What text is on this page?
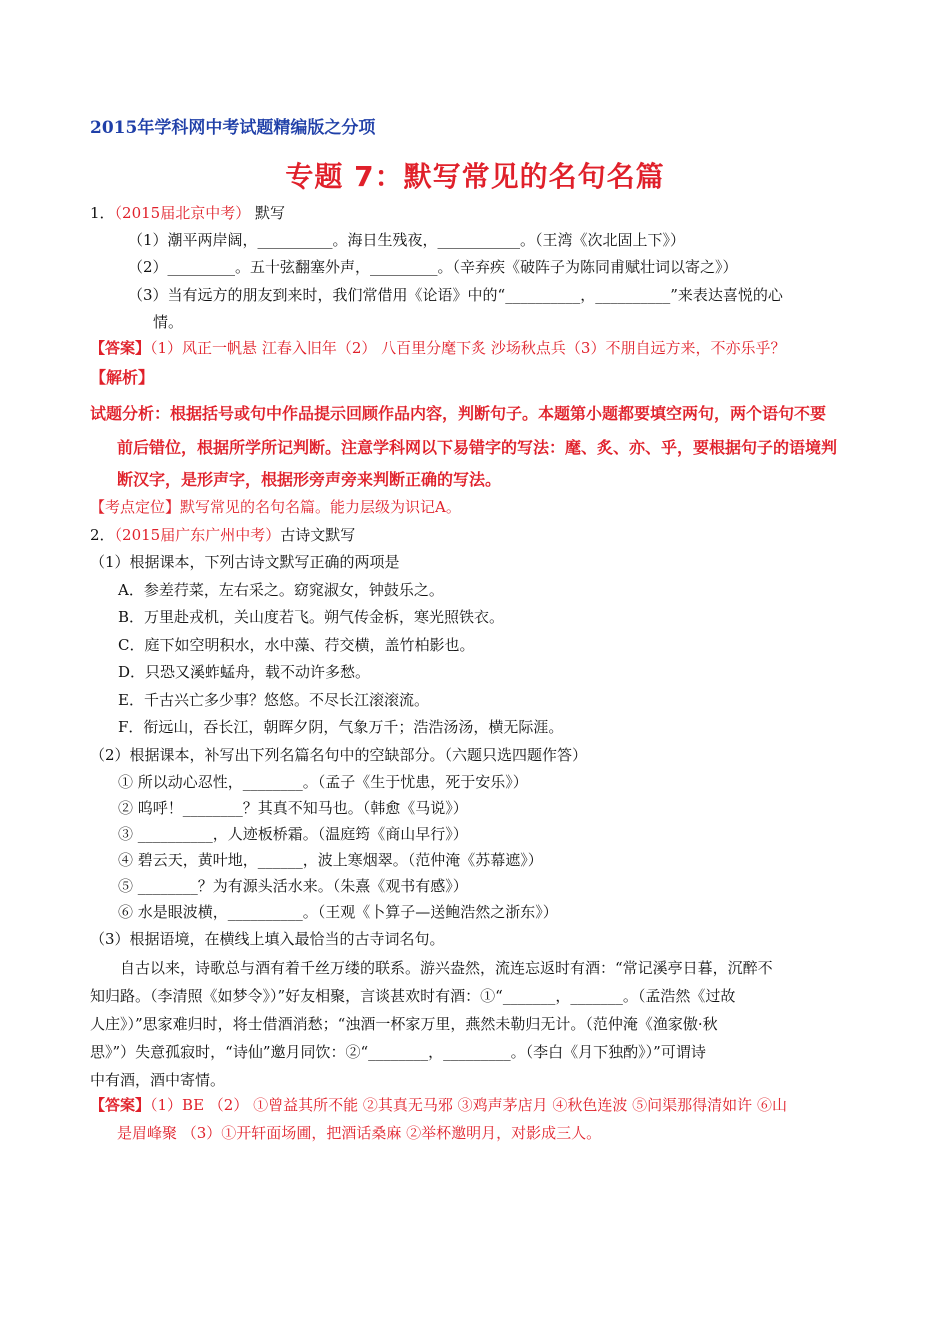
2015年学科网中考试题精编版之分项
专题 7：默写常见的名句名篇
1．（2015届北京中考） 默写
（1）潮平两岸阔，__________。海日生残夜，___________。（王湾《次北固上下》）
（2）_________。五十弦翻塞外声，_________。（辛弃疾《破阵子为陈同甫赋壮词以寄之》）
（3）当有远方的朋友到来时，我们常借用《论语》中的“__________，__________”来表达喜悦的心
情。
【答案】（1）风正一帆悬 江春入旧年（2） 八百里分麾下炙 沙场秋点兵（3）不朋自远方来，不亦乐乎？
【解析】
试题分析：根据括号或句中作品提示回顾作品内容，判断句子。本题第小题都要填空两句，两个语句不要
前后错位，根据所学所记判断。注意学科网以下易错字的写法：麾、炙、亦、乎，要根据句子的语境判
断汉字，是形声字，根据形旁声旁来判断正确的写法。
【考点定位】默写常见的名句名篇。能力层级为识记A。
2．（2015届广东广州中考）古诗文默写
（1）根据课本，下列古诗文默写正确的两项是
A．参差荇菜，左右采之。窈窕淑女，钟鼓乐之。
B．万里赴戎机，关山度若飞。朔气传金柝，寒光照铁衣。
C．庭下如空明积水，水中藻、荇交横，盖竹柏影也。
D．只恐又溪蚱蜢舟，载不动许多愁。
E．千古兴亡多少事？悠悠。不尽长江滚滚流。
F．衔远山，吞长江，朝晖夕阴，气象万千；浩浩汤汤，横无际涯。
（2）根据课本，补写出下列名篇名句中的空缺部分。（六题只选四题作答）
① 所以动心忍性，________。（孟子《生于忧患，死于安乐》）
② 呜呼！________？其真不知马也。（韩愈《马说》）
③ __________，人迹板桥霜。（温庭筠《商山早行》）
④ 碧云天，黄叶地，______，波上寒烟翠。（范仲淹《苏幕遮》）
⑤ ________？为有源头活水来。（朱熹《观书有感》）
⑥ 水是眼波横，__________。（王观《卜算子—送鲍浩然之浙东》）
（3）根据语境，在横线上填入最恰当的古寺词名句。
　　自古以来，诗歌总与酒有着千丝万缕的联系。游兴盎然，流连忘返时有酒：“常记溪亭日暮，沉醉不
知归路。（李清照《如梦令》）”好友相聚，言谈甚欢时有酒：①“_______，_______。（孟浩然《过故
人庄》）”思家难归时，将士借酒消愁；“浊酒一杯家万里，燕然未勒归无计。（范仲淹《渔家傲·秋
思》”）失意孤寂时，“诗仙”邀月同饮：②“________，_________。（李白《月下独酌》）”可谓诗
中有酒，酒中寄情。
【答案】（1）BE （2） ①曾益其所不能 ②其真无马邪 ③鸡声茅店月 ④秋色连波 ⑤问渠那得清如许 ⑥山
是眉峰聚 （3）①开轩面场圃，把酒话桑麻 ②举杯邀明月，对影成三人。
